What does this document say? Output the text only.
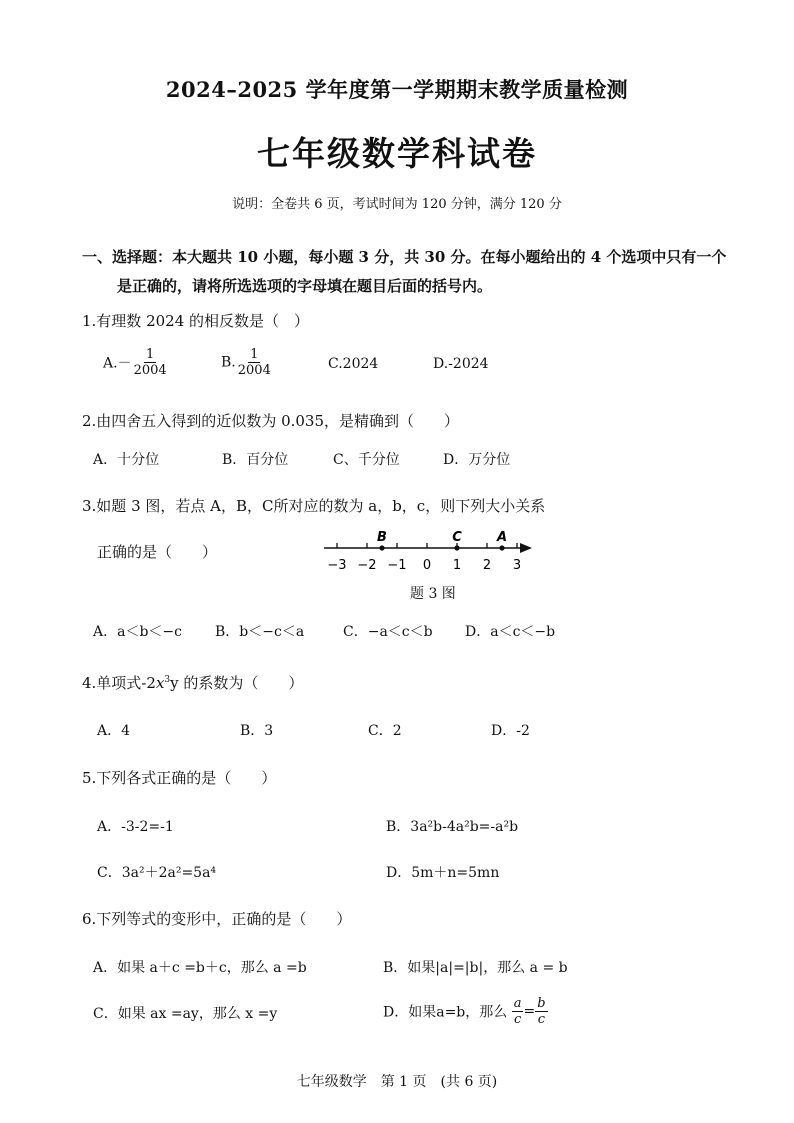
2024–2025 学年度第一学期期末教学质量检测
七年级数学科试卷
说明：全卷共 6 页，考试时间为 120 分钟，满分 120 分
一、选择题：本大题共 10 小题，每小题 3 分，共 30 分。在每小题给出的 4 个选项中只有一个
是正确的，请将所选选项的字母填在题目后面的括号内。
1.有理数 2024 的相反数是（　）
$A.- \frac{1}{2004}$	B. $\frac{1}{2004}$	C.2024	D.-2024
2.由四舍五入得到的近似数为 0.035，是精确到（　　）
A．十分位	B．百分位	C、千分位	D．万分位
3.如题 3 图，若点 A，B，C所对应的数为 a，b，c，则下列大小关系
正确的是（　　）
−3 −2 −1 0 1 2 3
B	C	A
题 3 图
A．a＜b＜−c B．b＜−c＜a	C．−a＜c＜b D．a＜c＜−b
4.单项式$-2x^3y$ 的系数为（　　）
A．4	B．3	C．2	D．-2
5.下列各式正确的是（　　）
A．-3-2=-1	B．3a²b-4a²b=-a²b
C．3a²＋2a²=5a⁴	D．5m＋n=5mn
6.下列等式的变形中，正确的是（　　）
A．如果 a＋c =b＋c，那么 a =b	B．如果|a|=|b|，那么 a = b
C．如果 ax =ay，那么 x =y	D．如果a=b，那么 $\frac{a}{c} = \frac{b}{c}$
七年级数学　第 1 页　(共 6 页)
